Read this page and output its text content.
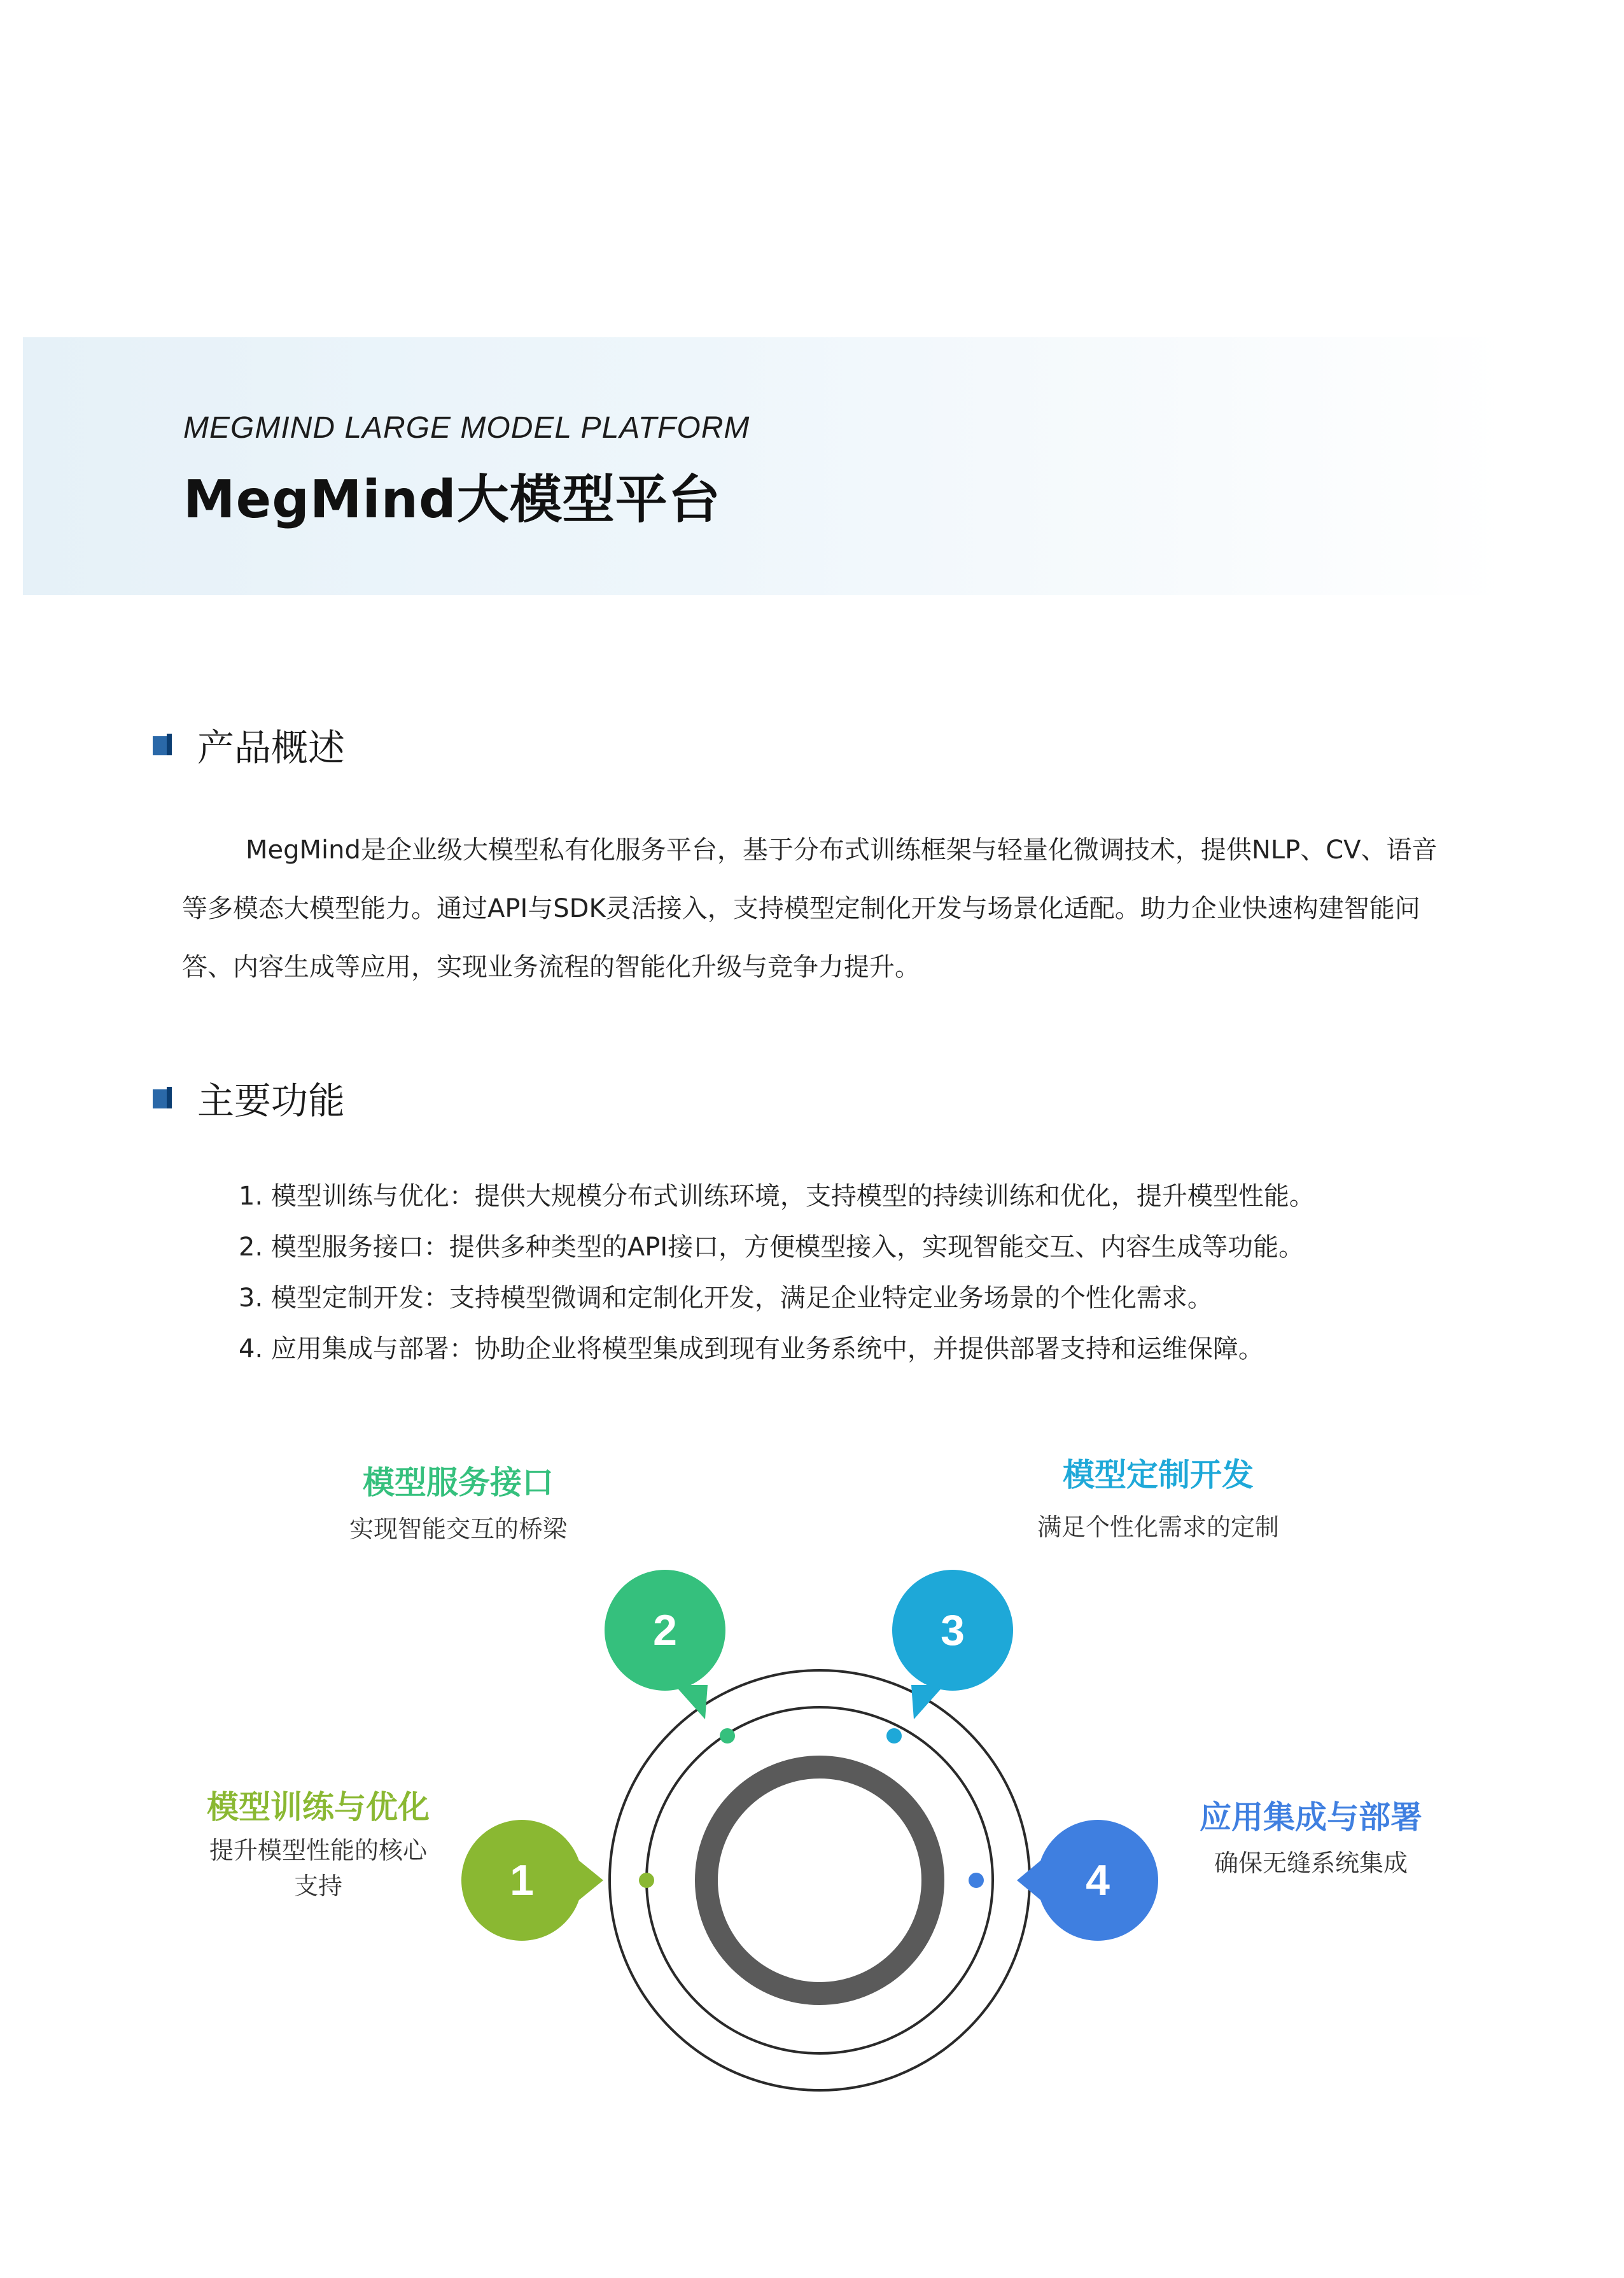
MEGMIND LARGE MODEL PLATFORM
MegMind大模型平台
产品概述

MegMind是企业级大模型私有化服务平台，基于分布式训练框架与轻量化微调技术，提供NLP、CV、语音等多模态大模型能力。通过API与SDK灵活接入，支持模型定制化开发与场景化适配。助力企业快速构建智能问答、内容生成等应用，实现业务流程的智能化升级与竞争力提升。

主要功能
1. 模型训练与优化：提供大规模分布式训练环境，支持模型的持续训练和优化，提升模型性能。
2. 模型服务接口：提供多种类型的API接口，方便模型接入，实现智能交互、内容生成等功能。
3. 模型定制开发：支持模型微调和定制化开发，满足企业特定业务场景的个性化需求。
4. 应用集成与部署：协助企业将模型集成到现有业务系统中，并提供部署支持和运维保障。
1
2	3
4
模型训练与优化
提升模型性能的核心
支持
模型服务接口
实现智能交互的桥梁
模型定制开发
满足个性化需求的定制
应用集成与部署
确保无缝系统集成
